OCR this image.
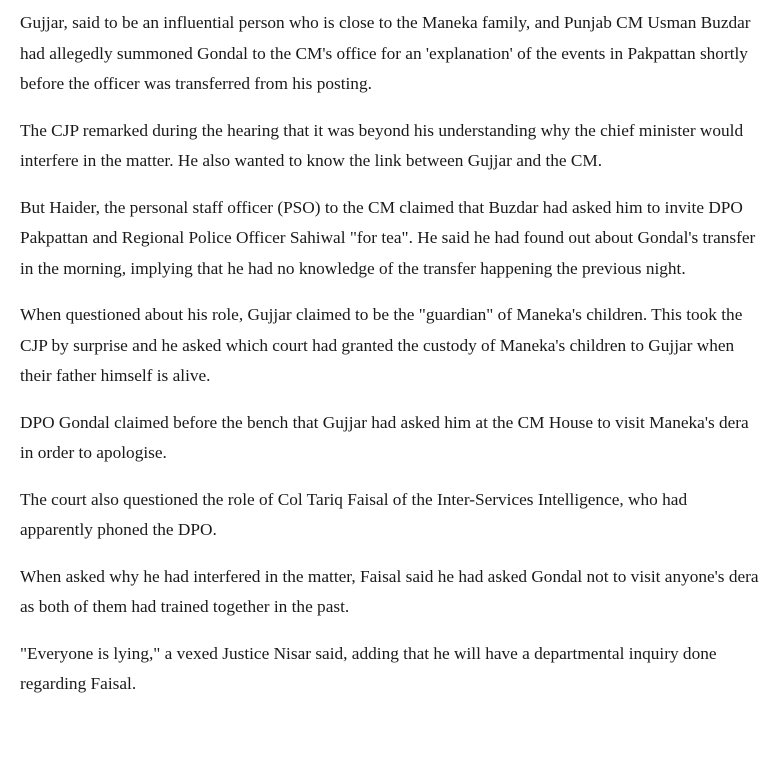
Gujjar, said to be an influential person who is close to the Maneka family, and Punjab CM Usman Buzdar had allegedly summoned Gondal to the CM's office for an 'explanation' of the events in Pakpattan shortly before the officer was transferred from his posting.

The CJP remarked during the hearing that it was beyond his understanding why the chief minister would interfere in the matter. He also wanted to know the link between Gujjar and the CM.

But Haider, the personal staff officer (PSO) to the CM claimed that Buzdar had asked him to invite DPO Pakpattan and Regional Police Officer Sahiwal "for tea". He said he had found out about Gondal's transfer in the morning, implying that he had no knowledge of the transfer happening the previous night.

When questioned about his role, Gujjar claimed to be the "guardian" of Maneka's children. This took the CJP by surprise and he asked which court had granted the custody of Maneka's children to Gujjar when their father himself is alive.

DPO Gondal claimed before the bench that Gujjar had asked him at the CM House to visit Maneka's dera in order to apologise.

The court also questioned the role of Col Tariq Faisal of the Inter-Services Intelligence, who had apparently phoned the DPO.

When asked why he had interfered in the matter, Faisal said he had asked Gondal not to visit anyone's dera as both of them had trained together in the past.

"Everyone is lying," a vexed Justice Nisar said, adding that he will have a departmental inquiry done regarding Faisal.
